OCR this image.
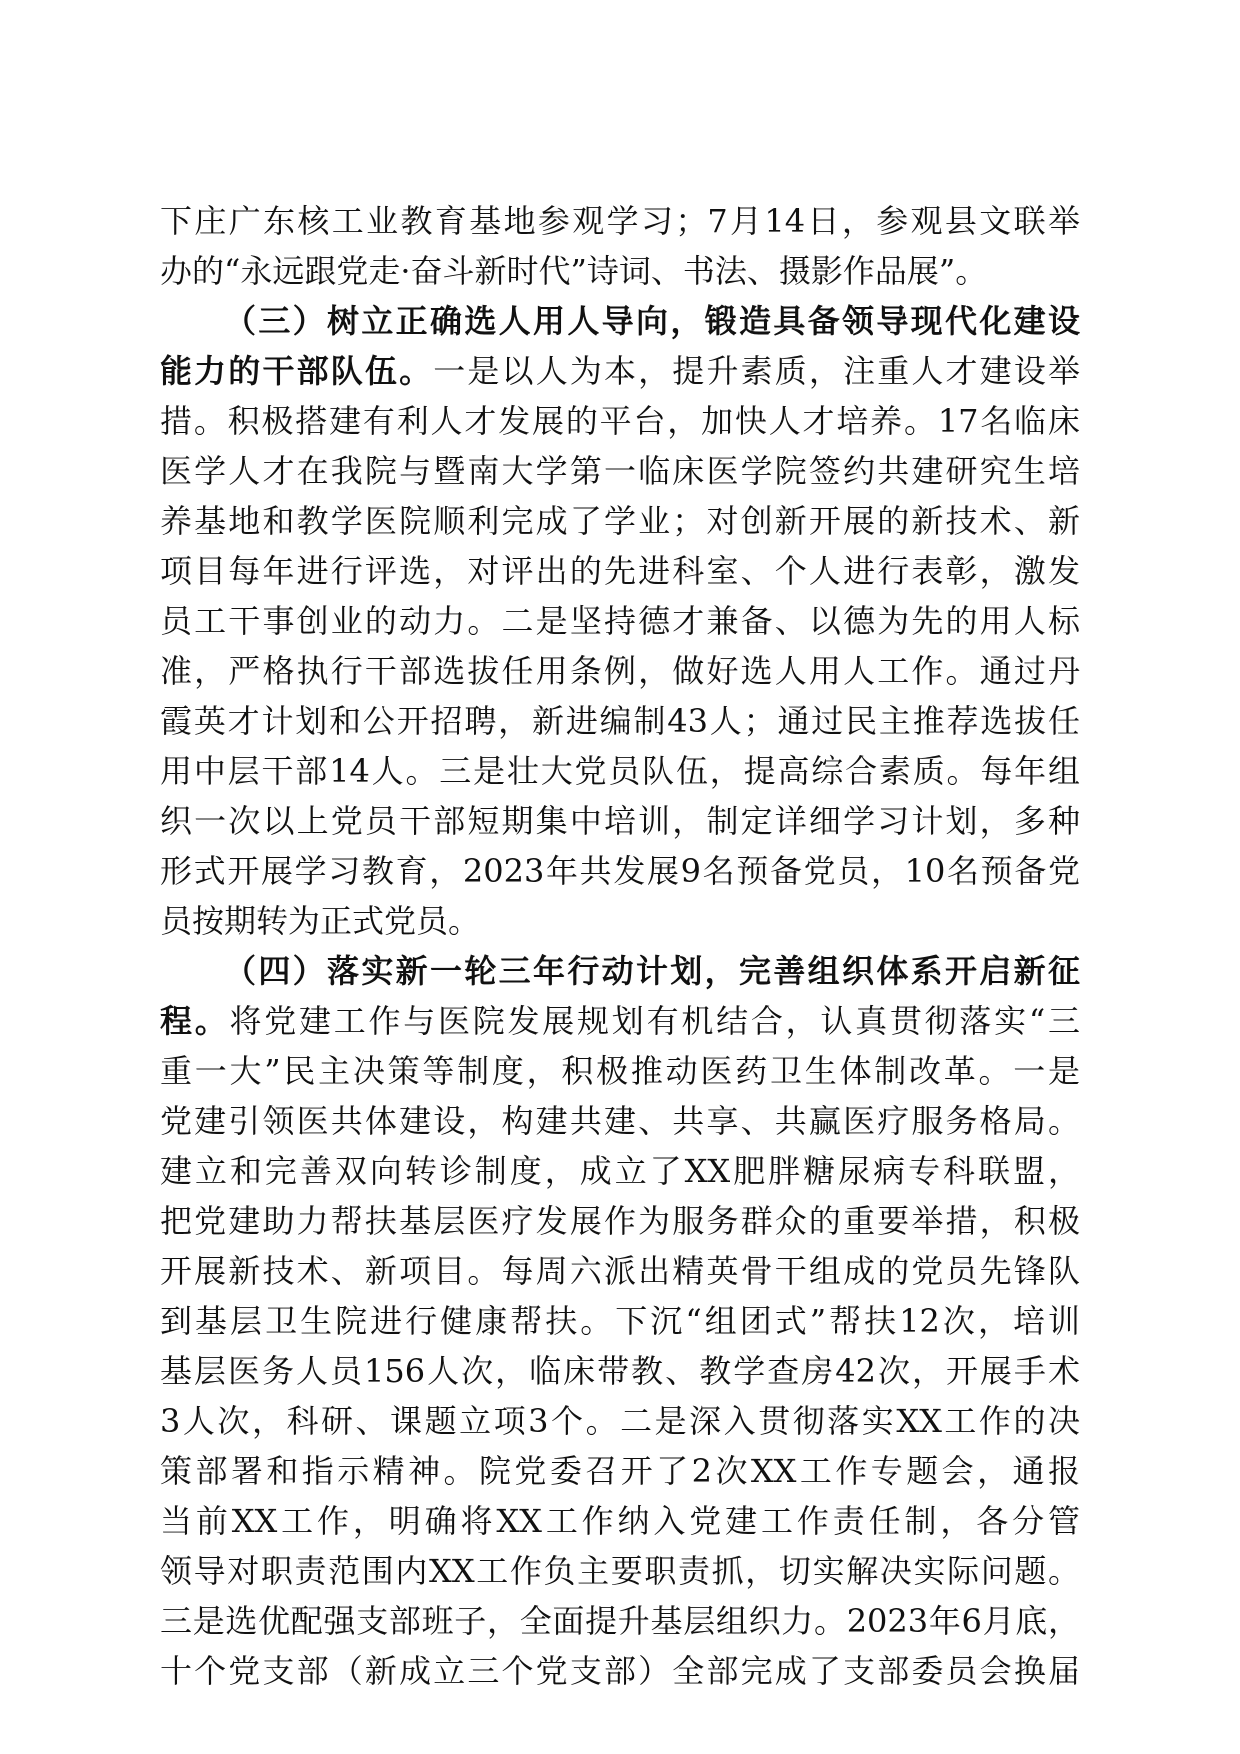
下庄广东核工业教育基地参观学习；7月14日，参观县文联举
办的“永远跟党走·奋斗新时代”诗词、书法、摄影作品展”。
（三）树立正确选人用人导向，锻造具备领导现代化建设
能力的干部队伍。一是以人为本，提升素质，注重人才建设举
措。积极搭建有利人才发展的平台，加快人才培养。17名临床
医学人才在我院与暨南大学第一临床医学院签约共建研究生培
养基地和教学医院顺利完成了学业；对创新开展的新技术、新
项目每年进行评选，对评出的先进科室、个人进行表彰，激发
员工干事创业的动力。二是坚持德才兼备、以德为先的用人标
准，严格执行干部选拔任用条例，做好选人用人工作。通过丹
霞英才计划和公开招聘，新进编制43人；通过民主推荐选拔任
用中层干部14人。三是壮大党员队伍，提高综合素质。每年组
织一次以上党员干部短期集中培训，制定详细学习计划，多种
形式开展学习教育，2023年共发展9名预备党员，10名预备党
员按期转为正式党员。
（四）落实新一轮三年行动计划，完善组织体系开启新征
程。将党建工作与医院发展规划有机结合，认真贯彻落实“三
重一大”民主决策等制度，积极推动医药卫生体制改革。一是
党建引领医共体建设，构建共建、共享、共赢医疗服务格局。
建立和完善双向转诊制度，成立了XX肥胖糖尿病专科联盟，
把党建助力帮扶基层医疗发展作为服务群众的重要举措，积极
开展新技术、新项目。每周六派出精英骨干组成的党员先锋队
到基层卫生院进行健康帮扶。下沉“组团式”帮扶12次，培训
基层医务人员156人次，临床带教、教学查房42次，开展手术
3人次，科研、课题立项3个。二是深入贯彻落实XX工作的决
策部署和指示精神。院党委召开了2次XX工作专题会，通报
当前XX工作，明确将XX工作纳入党建工作责任制，各分管
领导对职责范围内XX工作负主要职责抓，切实解决实际问题。
三是选优配强支部班子，全面提升基层组织力。2023年6月底，
十个党支部（新成立三个党支部）全部完成了支部委员会换届
